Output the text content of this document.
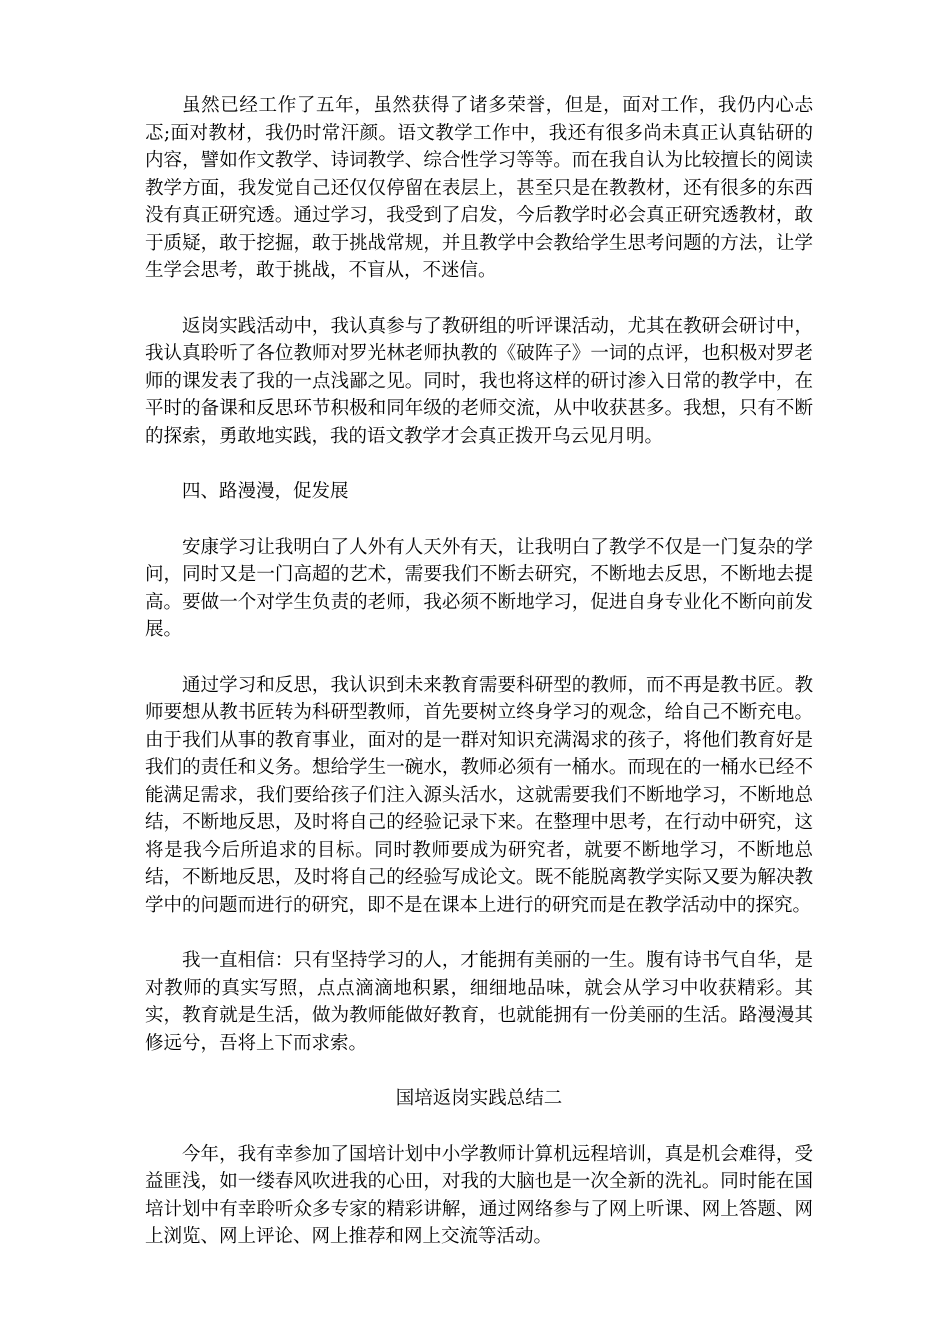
虽然已经工作了五年，虽然获得了诸多荣誉，但是，面对工作，我仍内心忐忑;面对教材，我仍时常汗颜。语文教学工作中，我还有很多尚未真正认真钻研的内容，譬如作文教学、诗词教学、综合性学习等等。而在我自认为比较擅长的阅读教学方面，我发觉自己还仅仅停留在表层上，甚至只是在教教材，还有很多的东西没有真正研究透。通过学习，我受到了启发，今后教学时必会真正研究透教材，敢于质疑，敢于挖掘，敢于挑战常规，并且教学中会教给学生思考问题的方法，让学生学会思考，敢于挑战，不盲从，不迷信。

返岗实践活动中，我认真参与了教研组的听评课活动，尤其在教研会研讨中，我认真聆听了各位教师对罗光林老师执教的《破阵子》一词的点评，也积极对罗老师的课发表了我的一点浅鄙之见。同时，我也将这样的研讨渗入日常的教学中，在平时的备课和反思环节积极和同年级的老师交流，从中收获甚多。我想，只有不断的探索，勇敢地实践，我的语文教学才会真正拨开乌云见月明。

四、路漫漫，促发展

安康学习让我明白了人外有人天外有天，让我明白了教学不仅是一门复杂的学问，同时又是一门高超的艺术，需要我们不断去研究，不断地去反思，不断地去提高。要做一个对学生负责的老师，我必须不断地学习，促进自身专业化不断向前发展。

通过学习和反思，我认识到未来教育需要科研型的教师，而不再是教书匠。教师要想从教书匠转为科研型教师，首先要树立终身学习的观念，给自己不断充电。由于我们从事的教育事业，面对的是一群对知识充满渴求的孩子，将他们教育好是我们的责任和义务。想给学生一碗水，教师必须有一桶水。而现在的一桶水已经不能满足需求，我们要给孩子们注入源头活水，这就需要我们不断地学习，不断地总结，不断地反思，及时将自己的经验记录下来。在整理中思考，在行动中研究，这将是我今后所追求的目标。同时教师要成为研究者，就要不断地学习，不断地总结，不断地反思，及时将自己的经验写成论文。既不能脱离教学实际又要为解决教学中的问题而进行的研究，即不是在课本上进行的研究而是在教学活动中的探究。

我一直相信：只有坚持学习的人，才能拥有美丽的一生。腹有诗书气自华，是对教师的真实写照，点点滴滴地积累，细细地品味，就会从学习中收获精彩。其实，教育就是生活，做为教师能做好教育，也就能拥有一份美丽的生活。路漫漫其修远兮，吾将上下而求索。

国培返岗实践总结二

今年，我有幸参加了国培计划中小学教师计算机远程培训，真是机会难得，受益匪浅，如一缕春风吹进我的心田，对我的大脑也是一次全新的洗礼。同时能在国培计划中有幸聆听众多专家的精彩讲解，通过网络参与了网上听课、网上答题、网上浏览、网上评论、网上推荐和网上交流等活动。
